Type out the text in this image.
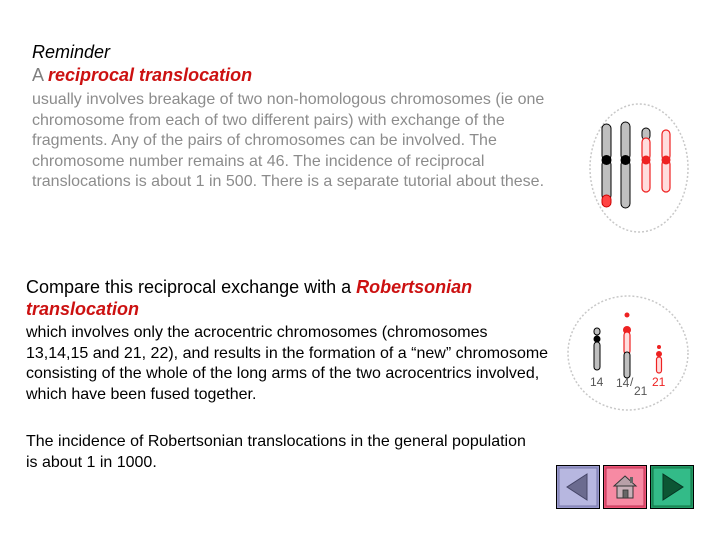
Reminder
A reciprocal translocation
usually involves breakage of two non-homologous chromosomes (ie one chromosome from each of two different pairs) with exchange of the fragments. Any of the pairs of chromosomes can be involved. The chromosome number remains at 46. The incidence of reciprocal translocations is about 1 in 500. There is a separate tutorial about these.
Compare this reciprocal exchange with a Robertsonian translocation
which involves only the acrocentric chromosomes (chromosomes 13,14,15 and 21, 22), and results in the formation of a “new” chromosome consisting of the whole of the long arms of the two acrocentrics involved, which have been fused together.
14 14 /
21
21
The incidence of Robertsonian translocations in the general population is about 1 in 1000.
